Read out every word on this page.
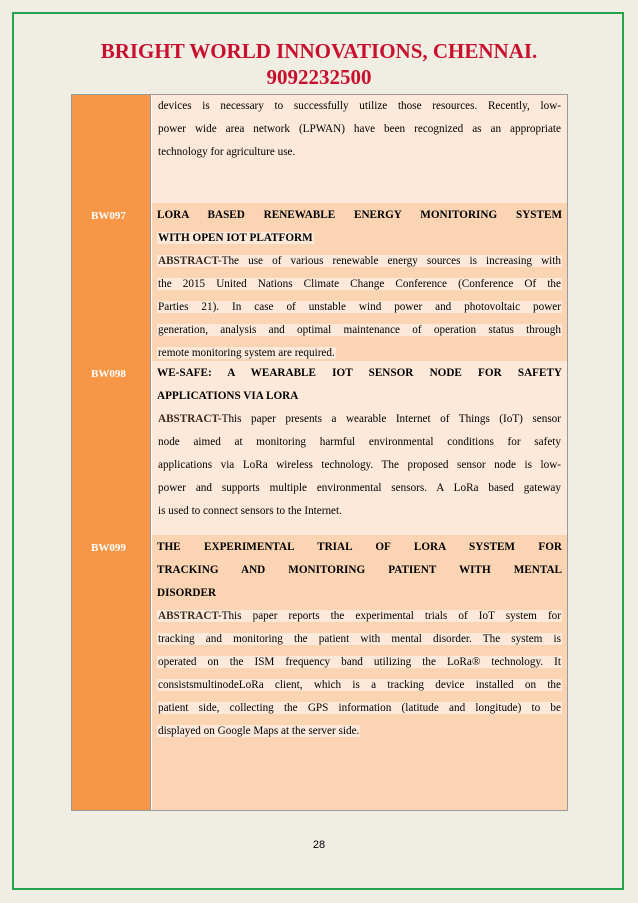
BRIGHT WORLD INNOVATIONS, CHENNAI.
9092232500
devices is necessary to successfully utilize those resources. Recently, low-
power wide area network (LPWAN) have been recognized as an appropriate
technology for agriculture use.
BW097	LORA BASED RENEWABLE ENERGY MONITORING SYSTEM
WITH OPEN IOT PLATFORM
ABSTRACT-The use of various renewable energy sources is increasing with
the 2015 United Nations Climate Change Conference (Conference Of the
Parties 21). In case of unstable wind power and photovoltaic power
generation, analysis and optimal maintenance of operation status through
remote monitoring system are required.
BW098	WE-SAFE: A WEARABLE IOT SENSOR NODE FOR SAFETY
APPLICATIONS VIA LORA
ABSTRACT-This paper presents a wearable Internet of Things (IoT) sensor
node aimed at monitoring harmful environmental conditions for safety
applications via LoRa wireless technology. The proposed sensor node is low-
power and supports multiple environmental sensors. A LoRa based gateway
is used to connect sensors to the Internet.
BW099	THE EXPERIMENTAL TRIAL OF LORA SYSTEM FOR
TRACKING AND MONITORING PATIENT WITH MENTAL
DISORDER
ABSTRACT-This paper reports the experimental trials of IoT system for
tracking and monitoring the patient with mental disorder. The system is
operated on the ISM frequency band utilizing the LoRa® technology. It
consistsmultinodeLoRa client, which is a tracking device installed on the
patient side, collecting the GPS information (latitude and longitude) to be
displayed on Google Maps at the server side.
28
